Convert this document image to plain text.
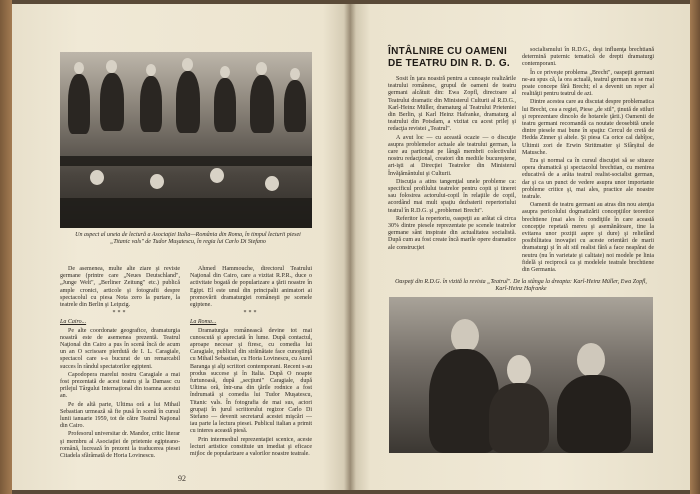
Un aspect al uneia de lectură a Asociaţiei Italia—România din Roma, în timpul lecturii piesei „Titanic vals" de Tudor Muşatescu, în regia lui Carlo Di Stefano

De asemenea, multe alte ziare şi reviste germane (printre care „Neues Deutschland", „Junge Welt", „Berliner Zeitung" etc.) publică ample cronici, articole şi fotografii despre spectacolul cu piesa Nota zero la purtare, la teatrele din Berlin şi Leipzig.

***

La Cairo...

Pe alte coordonate geografice, dramaturgia noastră este de asemenea prezentă. Teatrul Naţional din Cairo a pus în scenă încă de acum un an O scrisoare pierdută de I. L. Caragiale, spectacol care s-a bucurat de un remarcabil succes în rândul spectatorilor egipteni.

Capodopera marelui nostru Caragiale a mai fost prezentată de acest teatru şi la Damasc cu prilejul Târgului Internaţional din toamna acestui an.

Pe de altă parte, Ultima oră a lui Mihail Sebastian urmează să fie pusă în scenă în cursul lunii ianuarie 1959, tot de către Teatrul Naţional din Cairo.

Profesorul universitar dr. Mandor, critic literar şi membru al Asociaţiei de prietenie egipteano-română, lucrează în prezent la traducerea piesei Citadela sfărâmată de Horia Lovinescu.

Ahmed Hammouche, directorul Teatrului Naţional din Cairo, care a vizitat R.P.R., duce o activitate bogată de popularizare a ţării noastre în Egipt. El este unul din principalii animatori ai promovării dramaturgiei româneşti pe scenele egiptene.

***

La Roma...

Dramaturgia românească devine tot mai cunoscută şi apreciată în lume. După contactul, aproape necesar şi firesc, cu comedia lui Caragiale, publicul din străinătate face cunoştinţă cu Mihail Sebastian, cu Horia Lovinescu, cu Aurel Baranga şi alţi scriitori contemporani. Recent s-au produs succese şi în Italia. După O noapte furtunoasă, după „secţiuni" Caragiale, după Ultima oră, într-una din ţările rodnice a fost îndrumată şi comedia lui Tudor Muşatescu, Titanic vals. În fotografia de mai sus, actori grupaţi în jurul scriitorului regizor Carlo Di Stefano — devenit secretarul acestei mişcări — iau parte la lectura piesei. Publicul italian a primit cu interes această piesă.

Prin intermediul reprezentaţiei scenice, aceste lecturi artistice constituie un imediat şi eficace mijloc de popularizare a valorilor noastre teatrale.

92
ÎNTÂLNIRE CU OAMENI DE TEATRU DIN R. D. G.

Sosit în ţara noastră pentru a cunoaşte realizările teatrului românesc, grupul de oameni de teatru germani alcătuit din: Ewa Zopfl, directoare al Teatrului dramatic din Ministerul Culturii al R.D.G., Karl-Heinz Müller, dramaturg al Teatrului Prieteniei din Berlin, şi Karl Heinz Hafranke, dramaturg al teatrului din Potsdam, a vizitat cu acest prilej şi redacţia revistei „Teatrul".

A avut loc — cu această ocazie — o discuţie asupra problemelor actuale ale teatrului german, la care au participat pe lângă membrii colectivului nostru redacţional, creatori din mediile bucureştene, art-işti ai Direcţiei Teatrelor din Ministerul Învăţământului şi Culturii.

Discuţia a atins tangenţial unele probleme ca: specificul profilului teatrelor pentru copii şi tineret sau folosirea actorului-copil în relaţiile de copil, acordând mai mult spaţiu dezbaterii repertoriului teatral în R.D.G. şi „problemei Brecht".

Referitor la repertoriu, oaspeţii au arătat că circa 30% dintre piesele reprezentate pe scenele teatrelor germane sânt inspirate din actualitatea socialistă. După cum au fost create încă marile opere dramatice ale construcţiei

socialismului în R.D.G., deşi influenţa brechtiană determină puternic tematică de drepti dramaturgi contemporani.

În ce priveşte problema „Brecht", oaspeţii germani ne-au spus că, la ora actuală, teatrul german nu se mai poate concepe fără Brecht; el a devenit un reper al realităţii pentru teatrul de azi.

Dintre acestea care au discutat despre problematica lui Brecht, cea a regiei, Piese „de stil", ţinută de stiluri şi reprezentare dincolo de hotarele ţării.) Oamenii de teatru germani recomandă ca noutate deosebită unele dintre piesele mai bune în spaţiu: Cercul de cretă de Hedda Zinner şi altele. Şi piesa Ca orice cal dabîjoc, Ultimii zori de Erwin Strittmatter şi Sfârşitul de Matusche.

Era şi normal ca în cursul discuţiei să se situeze opera dramatică şi spectacolul brechtian, cu menirea educativă de a arăta teatrul realist-socialist german, dar şi ca un punct de vedere asupra unor importante probleme critice şi, mai ales, practice ale noastre teatrale.

Oamenii de teatru germani au atras din nou atenţia asupra pericolului dogmatizării concepţiilor teoretice brechtiene (mai ales în condiţiile în care această concepţie repetată mereu şi asemănătoare, tine la evitarea unor poziţii aspre şi dure) şi reliefând posibilitatea inovaţiei cu aceste orientări de marii dramaturgi şi în alt stil realist fără a face neapărat de neutru (nu în varietate şi calitate) noi modele pe linia fidelă şi reciprocă ca şi modelele teatrale brechtiene din Germania.

Oaspeţi din R.D.G. în vizită la revista „Teatrul". De la stânga la dreapta: Karl-Heinz Müller, Ewa Zopfl, Karl-Heinz Hafranke
